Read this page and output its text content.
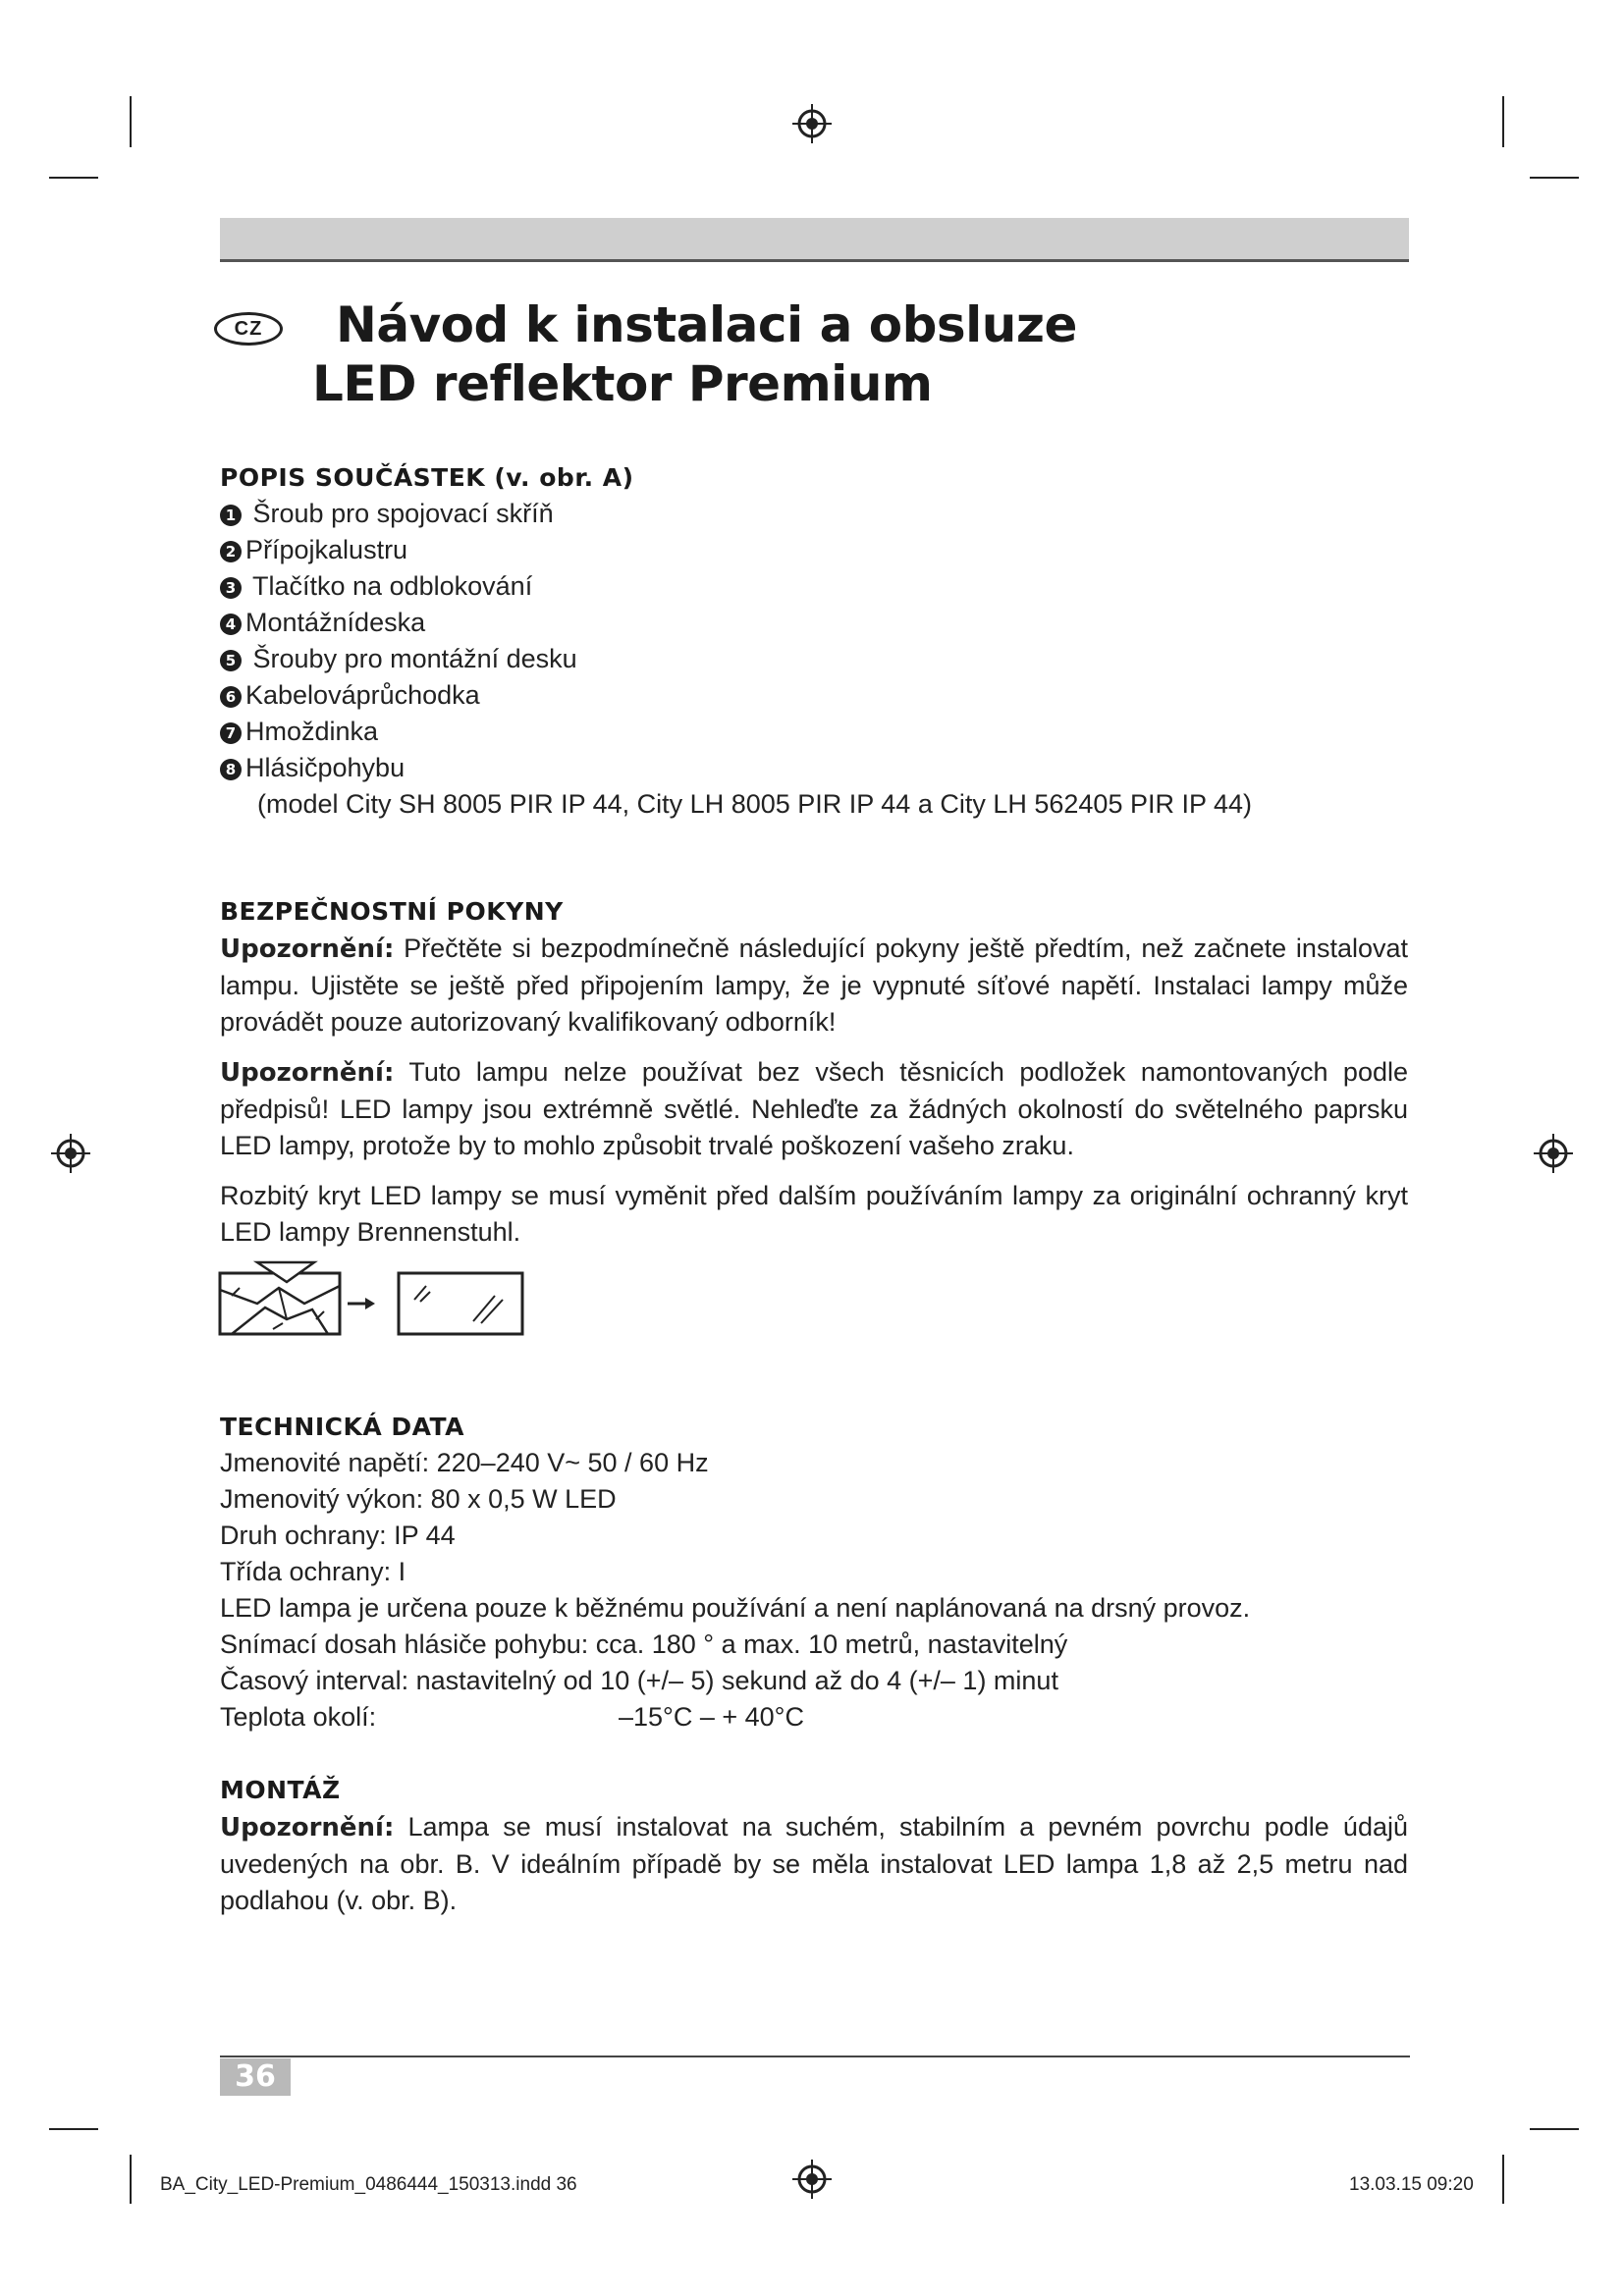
CZ Návod k instalaci a obsluze
LED reflektor Premium
POPIS SOUČÁSTEK (v. obr. A)
1 Šroub pro spojovací skříň
2 Přípojkalustru
3 Tlačítko na odblokování
4 Montážnídeska
5 Šrouby pro montážní desku
6 Kabelováprůchodka
7 Hmoždinka
8 Hlásičpohybu
(model City SH 8005 PIR IP 44, City LH 8005 PIR IP 44 a City LH 562405 PIR IP 44)
BEZPEČNOSTNÍ POKYNY
Upozornění: Přečtěte si bezpodmínečně následující pokyny ještě předtím, než začnete instalovat lampu. Ujistěte se ještě před připojením lampy, že je vypnuté síťové napětí. Instalaci lampy může provádět pouze autorizovaný kvalifikovaný odborník!
Upozornění: Tuto lampu nelze používat bez všech těsnicích podložek namontovaných podle předpisů! LED lampy jsou extrémně světlé. Nehleďte za žádných okolností do světelného paprsku LED lampy, protože by to mohlo způsobit trvalé poškození vašeho zraku.
Rozbitý kryt LED lampy se musí vyměnit před dalším používáním lampy za originální ochranný kryt LED lampy Brennenstuhl.
TECHNICKÁ DATA
Jmenovité napětí: 220–240 V~ 50 / 60 Hz
Jmenovitý výkon: 80 x 0,5 W LED
Druh ochrany: IP 44
Třída ochrany: I
LED lampa je určena pouze k běžnému používání a není naplánovaná na drsný provoz.
Snímací dosah hlásiče pohybu: cca. 180 ° a max. 10 metrů, nastavitelný
Časový interval: nastavitelný od 10 (+/– 5) sekund až do 4 (+/– 1) minut
Teplota okolí:	–15°C – + 40°C
MONTÁŽ
Upozornění: Lampa se musí instalovat na suchém, stabilním a pevném povrchu podle údajů uvedených na obr. B. V ideálním případě by se měla instalovat LED lampa 1,8 až 2,5 metru nad podlahou (v. obr. B).
36
BA_City_LED-Premium_0486444_150313.indd 36	13.03.15 09:20
